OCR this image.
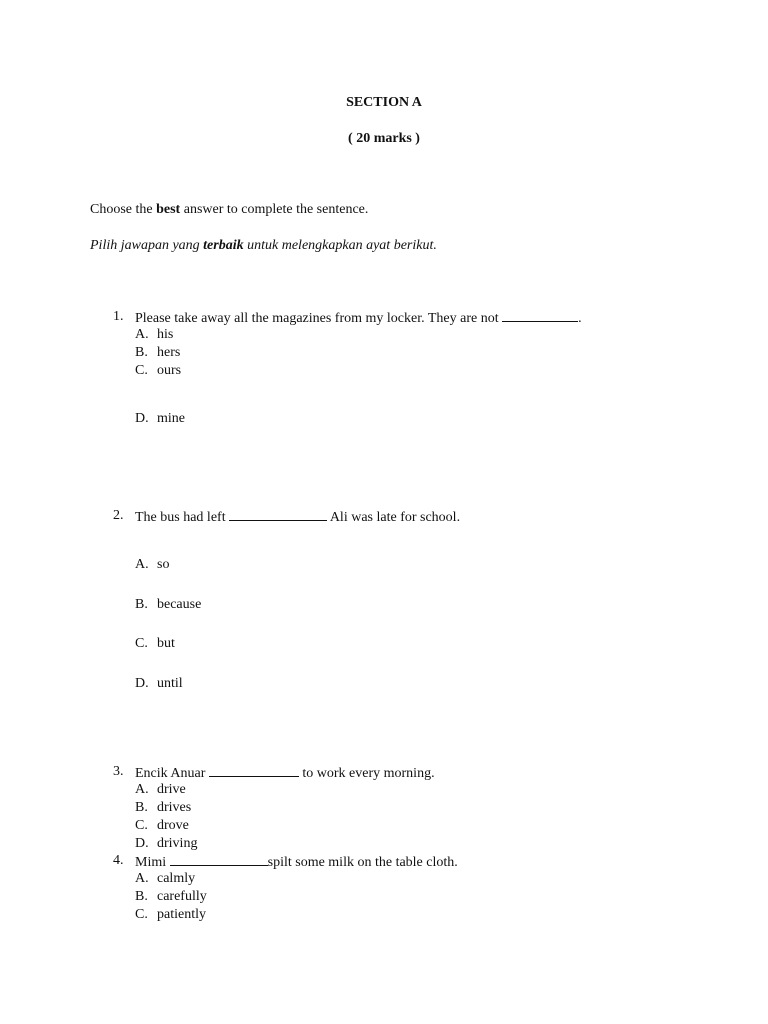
SECTION A
( 20 marks )
Choose the best answer to complete the sentence.
Pilih jawapan yang terbaik untuk melengkapkan ayat berikut.
1. Please take away all the magazines from my locker. They are not	.
A. his
B. hers
C. ours
D. mine
2. The bus had left	Ali was late for school.
A. so
B. because
C. but
D. until
3. Encik Anuar	to work every morning.
A. drive
B. drives
C. drove
D. driving
4. Mimi	spilt some milk on the table cloth.
A. calmly
B. carefully
C. patiently
